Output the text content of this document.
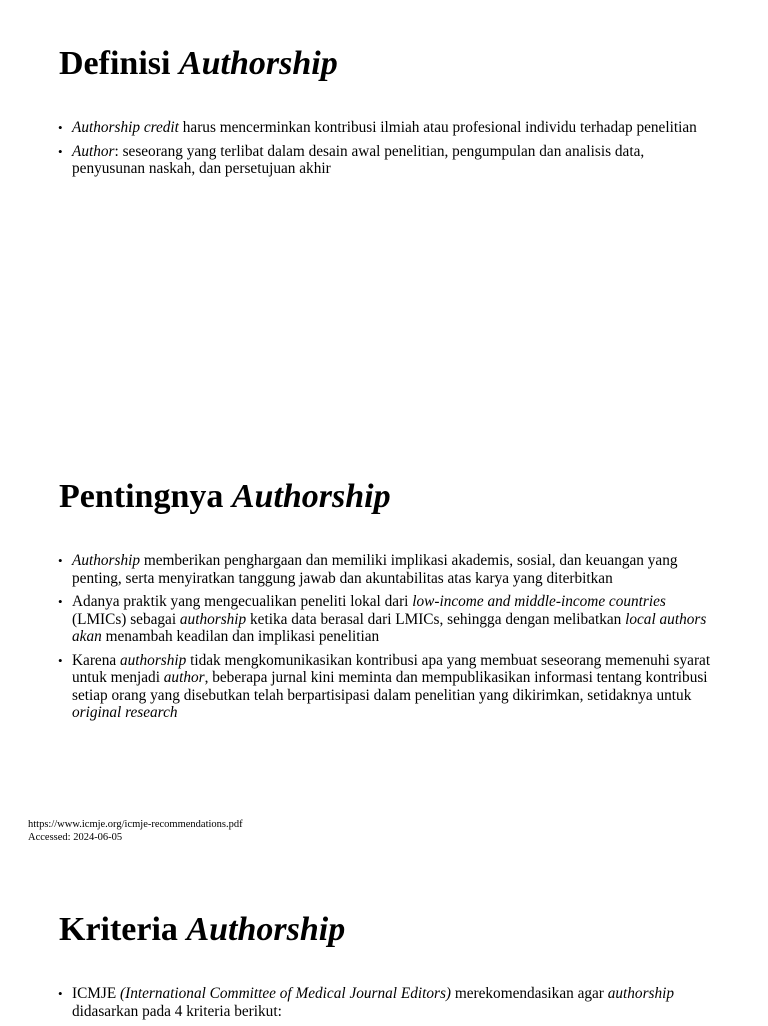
Definisi Authorship
• Authorship credit harus mencerminkan kontribusi ilmiah atau profesional individu terhadap penelitian
• Author: seseorang yang terlibat dalam desain awal penelitian, pengumpulan dan analisis data, penyusunan naskah, dan persetujuan akhir
Pentingnya Authorship
• Authorship memberikan penghargaan dan memiliki implikasi akademis, sosial, dan keuangan yang penting, serta menyiratkan tanggung jawab dan akuntabilitas atas karya yang diterbitkan
• Adanya praktik yang mengecualikan peneliti lokal dari low-income and middle-income countries (LMICs) sebagai authorship ketika data berasal dari LMICs, sehingga dengan melibatkan local authors akan menambah keadilan dan implikasi penelitian
• Karena authorship tidak mengkomunikasikan kontribusi apa yang membuat seseorang memenuhi syarat untuk menjadi author, beberapa jurnal kini meminta dan mempublikasikan informasi tentang kontribusi setiap orang yang disebutkan telah berpartisipasi dalam penelitian yang dikirimkan, setidaknya untuk original research
https://www.icmje.org/icmje-recommendations.pdf
Accessed: 2024-06-05
Kriteria Authorship
• ICMJE (International Committee of Medical Journal Editors) merekomendasikan agar authorship didasarkan pada 4 kriteria berikut:
